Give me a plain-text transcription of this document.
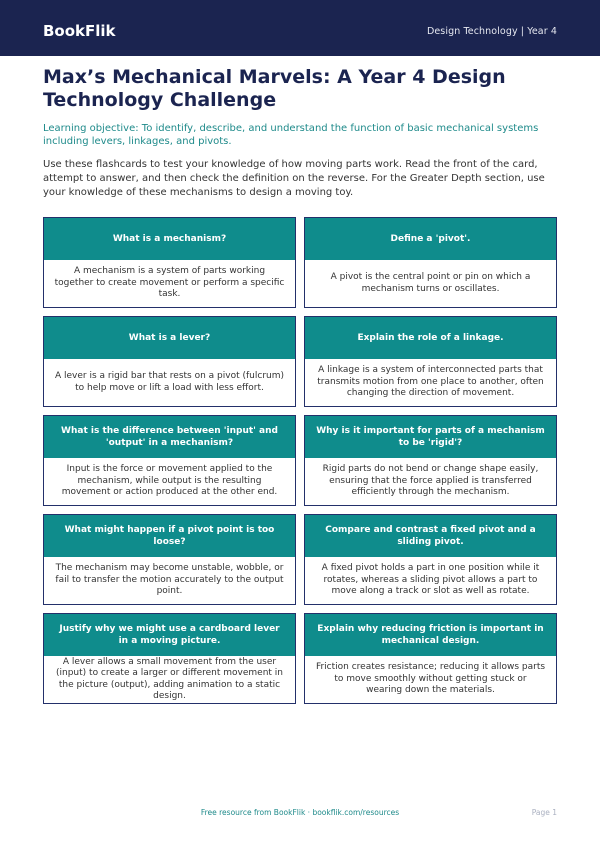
BookFlik	Design Technology | Year 4
Max’s Mechanical Marvels: A Year 4 Design Technology Challenge

Learning objective: To identify, describe, and understand the function of basic mechanical systems including levers, linkages, and pivots.

Use these flashcards to test your knowledge of how moving parts work. Read the front of the card, attempt to answer, and then check the definition on the reverse. For the Greater Depth section, use your knowledge of these mechanisms to design a moving toy.

What is a mechanism?
A mechanism is a system of parts working together to create movement or perform a specific task.
Define a 'pivot'.
A pivot is the central point or pin on which a mechanism turns or oscillates.
What is a lever?
A lever is a rigid bar that rests on a pivot (fulcrum) to help move or lift a load with less effort.
Explain the role of a linkage.
A linkage is a system of interconnected parts that transmits motion from one place to another, often changing the direction of movement.
What is the difference between 'input' and 'output' in a mechanism?
Input is the force or movement applied to the mechanism, while output is the resulting movement or action produced at the other end.
Why is it important for parts of a mechanism to be 'rigid'?
Rigid parts do not bend or change shape easily, ensuring that the force applied is transferred efficiently through the mechanism.
What might happen if a pivot point is too loose?
The mechanism may become unstable, wobble, or fail to transfer the motion accurately to the output point.
Compare and contrast a fixed pivot and a sliding pivot.
A fixed pivot holds a part in one position while it rotates, whereas a sliding pivot allows a part to move along a track or slot as well as rotate.
Justify why we might use a cardboard lever in a moving picture.
A lever allows a small movement from the user (input) to create a larger or different movement in the picture (output), adding animation to a static design.
Explain why reducing friction is important in mechanical design.
Friction creates resistance; reducing it allows parts to move smoothly without getting stuck or wearing down the materials.
Free resource from BookFlik · bookflik.com/resources	Page 1
